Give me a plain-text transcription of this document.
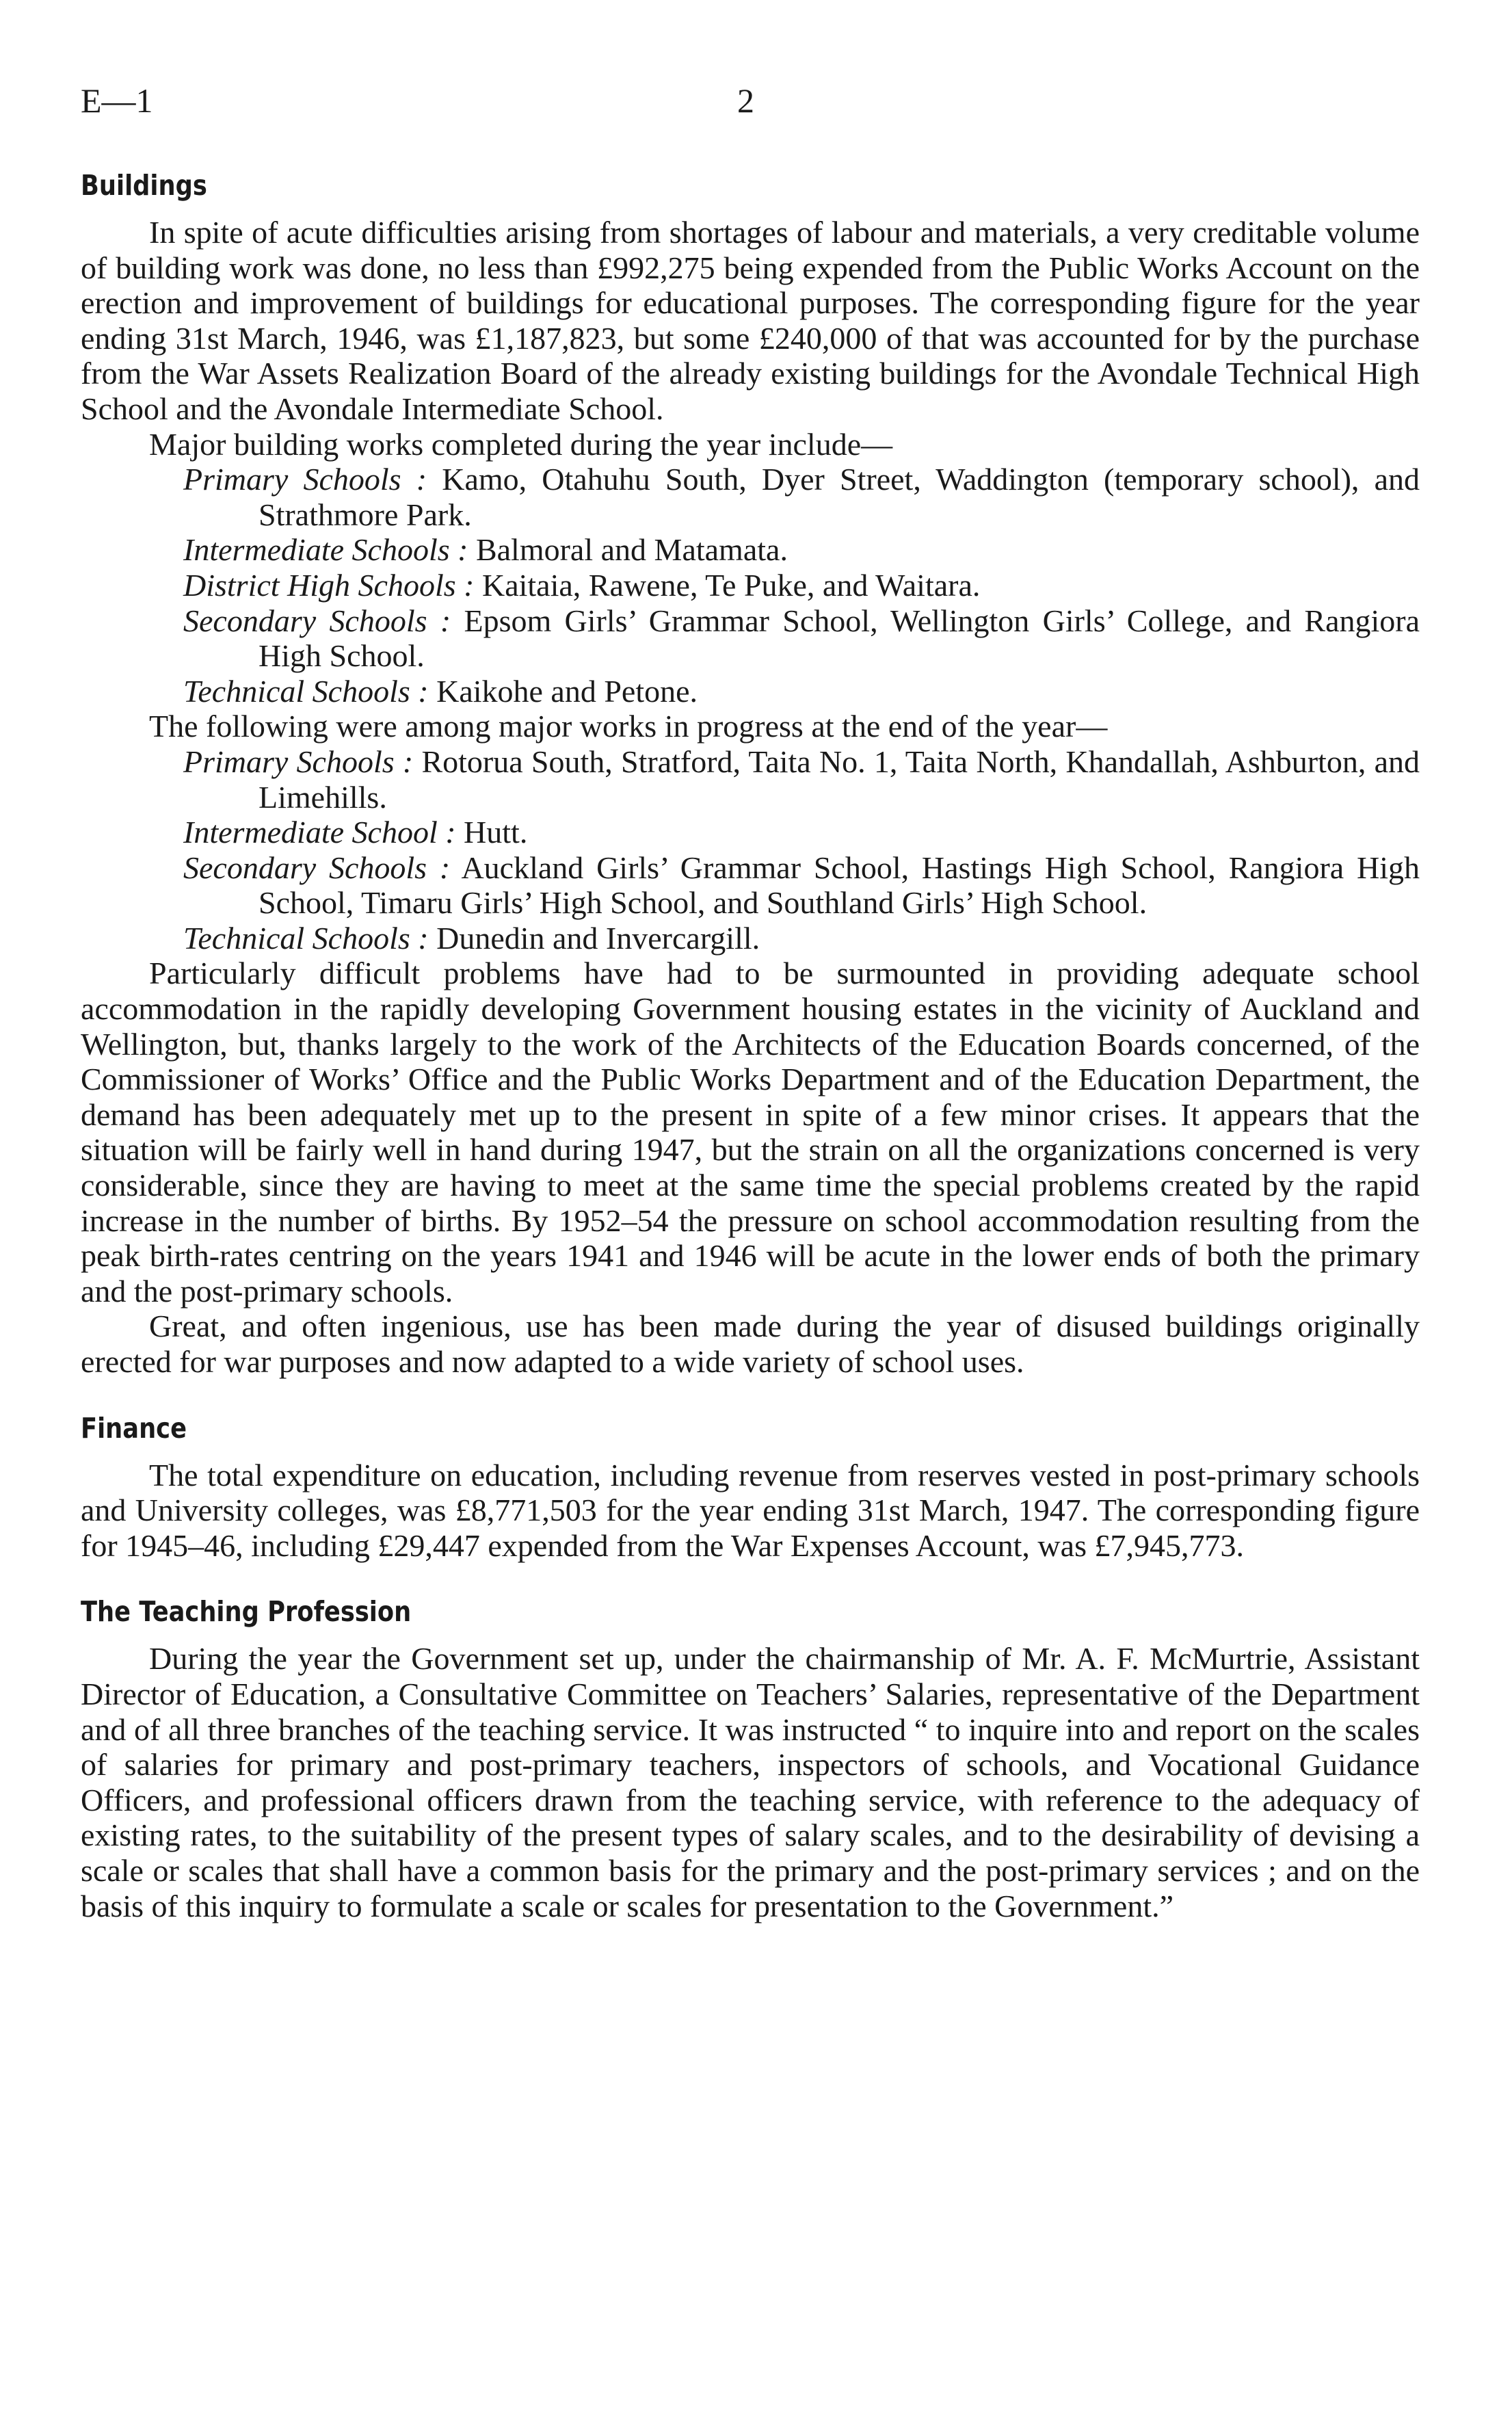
E—1	2
Buildings

In spite of acute difficulties arising from shortages of labour and materials, a very creditable volume of building work was done, no less than £992,275 being expended from the Public Works Account on the erection and improvement of buildings for educational purposes. The corresponding figure for the year ending 31st March, 1946, was £1,187,823, but some £240,000 of that was accounted for by the purchase from the War Assets Realization Board of the already existing buildings for the Avondale Technical High School and the Avondale Intermediate School.

Major building works completed during the year include—

Primary Schools : Kamo, Otahuhu South, Dyer Street, Waddington (temporary school), and Strathmore Park.

Intermediate Schools : Balmoral and Matamata.

District High Schools : Kaitaia, Rawene, Te Puke, and Waitara.

Secondary Schools : Epsom Girls’ Grammar School, Wellington Girls’ College, and Rangiora High School.

Technical Schools : Kaikohe and Petone.

The following were among major works in progress at the end of the year—

Primary Schools : Rotorua South, Stratford, Taita No. 1, Taita North, Khandallah, Ashburton, and Limehills.

Intermediate School : Hutt.

Secondary Schools : Auckland Girls’ Grammar School, Hastings High School, Rangiora High School, Timaru Girls’ High School, and Southland Girls’ High School.

Technical Schools : Dunedin and Invercargill.

Particularly difficult problems have had to be surmounted in providing adequate school accommodation in the rapidly developing Government housing estates in the vicinity of Auckland and Wellington, but, thanks largely to the work of the Architects of the Education Boards concerned, of the Commissioner of Works’ Office and the Public Works Department and of the Education Department, the demand has been adequately met up to the present in spite of a few minor crises. It appears that the situation will be fairly well in hand during 1947, but the strain on all the organizations concerned is very considerable, since they are having to meet at the same time the special problems created by the rapid increase in the number of births. By 1952–54 the pressure on school accommodation resulting from the peak birth-rates centring on the years 1941 and 1946 will be acute in the lower ends of both the primary and the post-primary schools.

Great, and often ingenious, use has been made during the year of disused buildings originally erected for war purposes and now adapted to a wide variety of school uses.

Finance

The total expenditure on education, including revenue from reserves vested in post-primary schools and University colleges, was £8,771,503 for the year ending 31st March, 1947. The corresponding figure for 1945–46, including £29,447 expended from the War Expenses Account, was £7,945,773.

The Teaching Profession

During the year the Government set up, under the chairmanship of Mr. A. F. McMurtrie, Assistant Director of Education, a Consultative Committee on Teachers’ Salaries, representative of the Department and of all three branches of the teaching service. It was instructed “ to inquire into and report on the scales of salaries for primary and post-primary teachers, inspectors of schools, and Vocational Guidance Officers, and professional officers drawn from the teaching service, with reference to the adequacy of existing rates, to the suitability of the present types of salary scales, and to the desirability of devising a scale or scales that shall have a common basis for the primary and the post-primary services ; and on the basis of this inquiry to formulate a scale or scales for presentation to the Government.”
